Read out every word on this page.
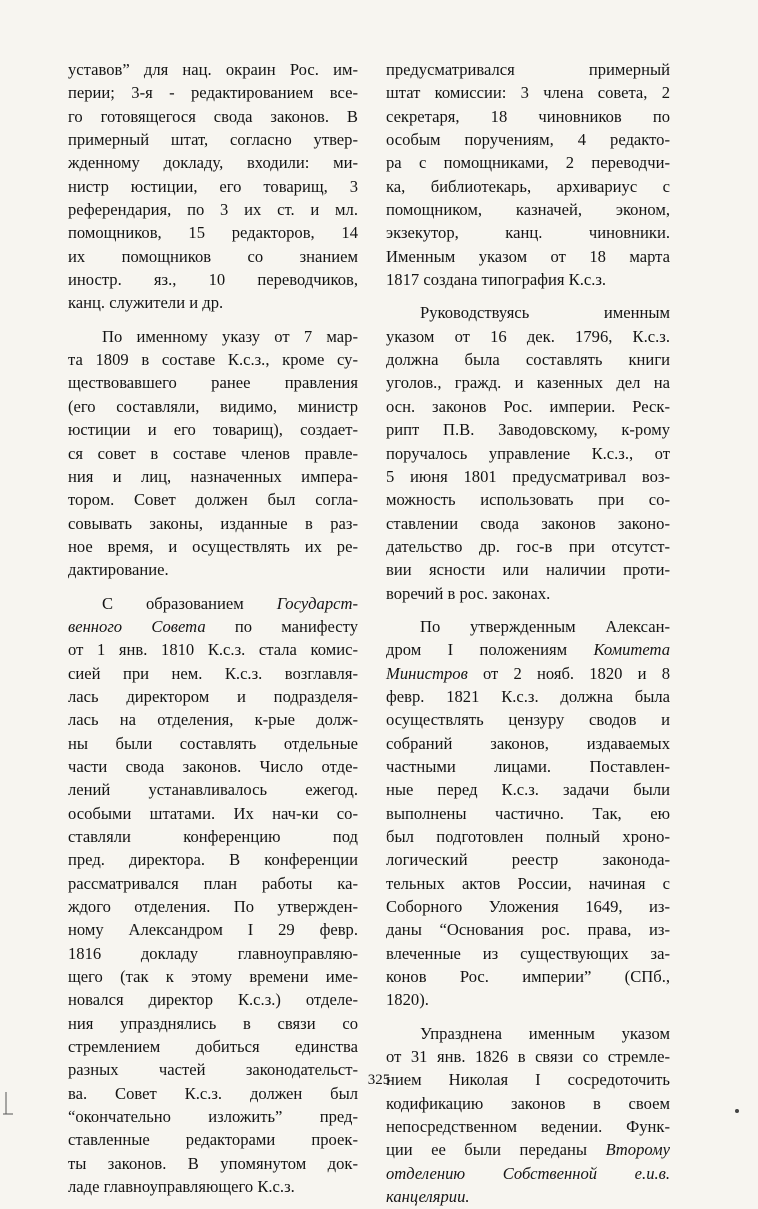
уставов” для нац. окраин Рос. им-
перии; 3-я - редактированием все-
го готовящегося свода законов. В
примерный штат, согласно утвер-
жденному докладу, входили: ми-
нистр юстиции, его товарищ, 3
референдария, по 3 их ст. и мл.
помощников, 15 редакторов, 14
их помощников со знанием
иностр. яз., 10 переводчиков,
канц. служители и др.
По именному указу от 7 мар-
та 1809 в составе К.с.з., кроме су-
ществовавшего ранее правления
(его составляли, видимо, министр
юстиции и его товарищ), создает-
ся совет в составе членов правле-
ния и лиц, назначенных импера-
тором. Совет должен был согла-
совывать законы, изданные в раз-
ное время, и осуществлять их ре-
дактирование.
С образованием Государст-
венного Совета по манифесту
от 1 янв. 1810 К.с.з. стала комис-
сией при нем. К.с.з. возглавля-
лась директором и подразделя-
лась на отделения, к-рые долж-
ны были составлять отдельные
части свода законов. Число отде-
лений устанавливалось ежегод.
особыми штатами. Их нач-ки со-
ставляли конференцию под
пред. директора. В конференции
рассматривался план работы ка-
ждого отделения. По утвержден-
ному Александром I 29 февр.
1816 докладу главноуправляю-
щего (так к этому времени име-
новался директор К.с.з.) отделе-
ния упразднялись в связи со
стремлением добиться единства
разных частей законодательст-
ва. Совет К.с.з. должен был
“окончательно изложить” пред-
ставленные редакторами проек-
ты законов. В упомянутом док-
ладе главноуправляющего К.с.з.
предусматривался примерный
штат комиссии: 3 члена совета, 2
секретаря, 18 чиновников по
особым поручениям, 4 редакто-
ра с помощниками, 2 переводчи-
ка, библиотекарь, архивариус с
помощником, казначей, эконом,
экзекутор, канц. чиновники.
Именным указом от 18 марта
1817 создана типография К.с.з.
Руководствуясь именным
указом от 16 дек. 1796, К.с.з.
должна была составлять книги
уголов., гражд. и казенных дел на
осн. законов Рос. империи. Реск-
рипт П.В. Заводовскому, к-рому
поручалось управление К.с.з., от
5 июня 1801 предусматривал воз-
можность использовать при со-
ставлении свода законов законо-
дательство др. гос-в при отсутст-
вии ясности или наличии проти-
воречий в рос. законах.
По утвержденным Алексан-
дром I положениям Комитета
Министров от 2 нояб. 1820 и 8
февр. 1821 К.с.з. должна была
осуществлять цензуру сводов и
собраний законов, издаваемых
частными лицами. Поставлен-
ные перед К.с.з. задачи были
выполнены частично. Так, ею
был подготовлен полный хроно-
логический реестр законода-
тельных актов России, начиная с
Соборного Уложения 1649, из-
даны “Основания рос. права, из-
влеченные из существующих за-
конов Рос. империи” (СПб.,
1820).
Упразднена именным указом
от 31 янв. 1826 в связи со стремле-
нием Николая I сосредоточить
кодификацию законов в своем
непосредственном ведении. Функ-
ции ее были переданы Второму
отделению Собственной е.и.в.
канцелярии.
325
